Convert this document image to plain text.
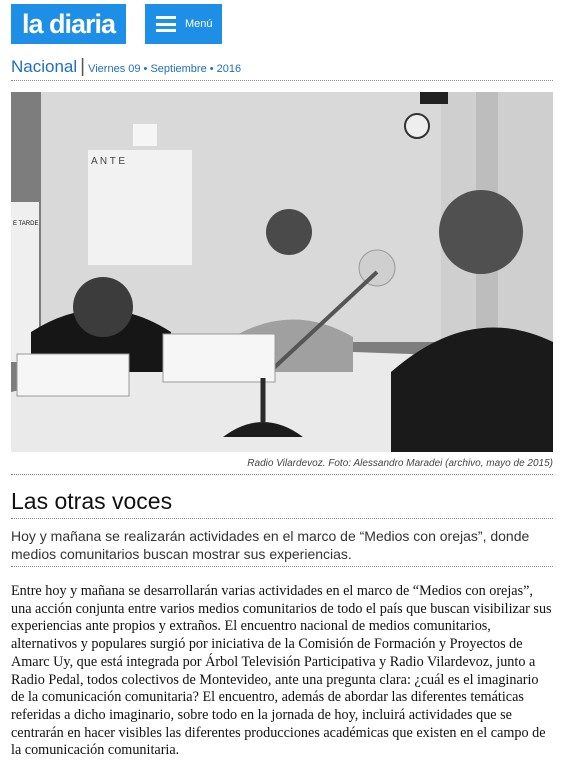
la diaria	Menú
Nacional | Viernes 09 • Septiembre • 2016
E TARDE
A N T E
Radio Vilardevoz. Foto: Alessandro Maradei (archivo, mayo de 2015)
Las otras voces
Hoy y mañana se realizarán actividades en el marco de “Medios con orejas”, donde medios comunitarios buscan mostrar sus experiencias.
Entre hoy y mañana se desarrollarán varias actividades en el marco de “Medios con orejas”, una acción conjunta entre varios medios comunitarios de todo el país que buscan visibilizar sus experiencias ante propios y extraños. El encuentro nacional de medios comunitarios, alternativos y populares surgió por iniciativa de la Comisión de Formación y Proyectos de Amarc Uy, que está integrada por Árbol Televisión Participativa y Radio Vilardevoz, junto a Radio Pedal, todos colectivos de Montevideo, ante una pregunta clara: ¿cuál es el imaginario de la comunicación comunitaria? El encuentro, además de abordar las diferentes temáticas referidas a dicho imaginario, sobre todo en la jornada de hoy, incluirá actividades que se centrarán en hacer visibles las diferentes producciones académicas que existen en el campo de la comunicación comunitaria.
